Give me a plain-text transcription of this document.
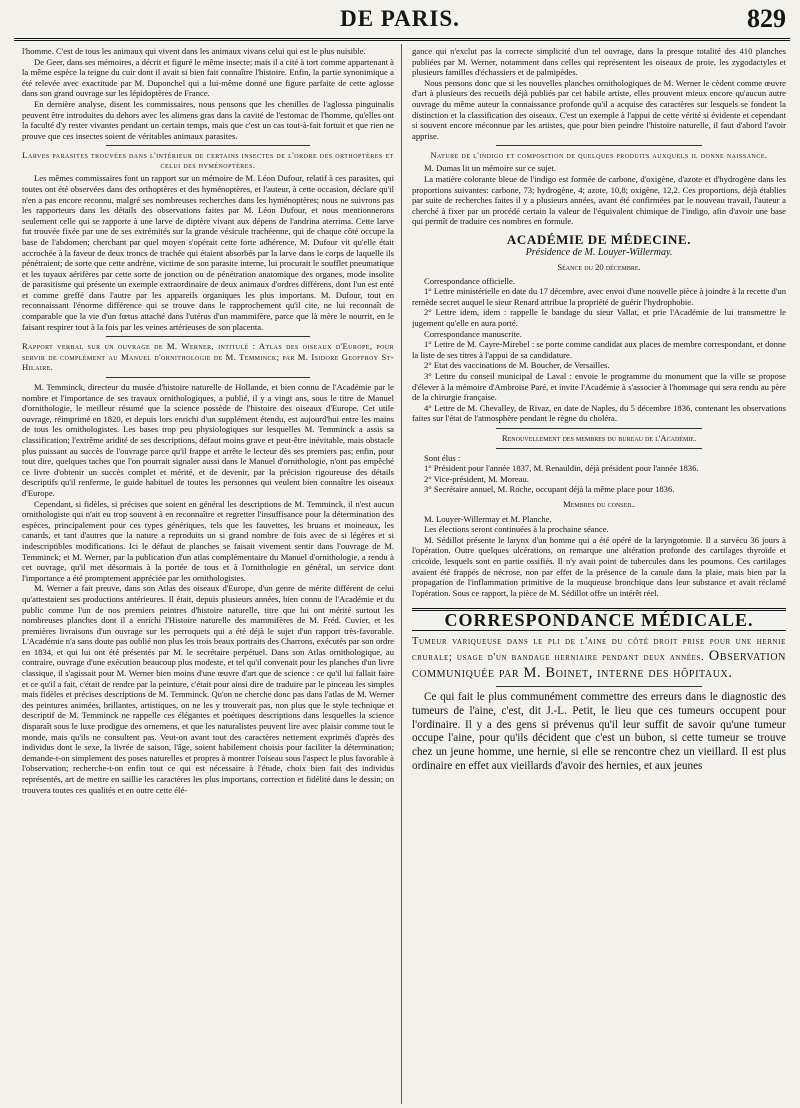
DE PARIS.	829

l'homme. C'est de tous les animaux qui vivent dans les animaux vivans celui qui est le plus nuisible.

De Geer, dans ses mémoires, a décrit et figuré le même insecte; mais il a cité à tort comme appartenant à la même espèce la teigne du cuir dont il avait si bien fait connaître l'histoire. Enfin, la partie synonimique a été relevée avec exactitude par M. Duponchel qui a lui-même donné une figure parfaite de cette aglosse dans son grand ouvrage sur les lépidoptères de France.

En dernière analyse, disent les commissaires, nous pensons que les chenilles de l'aglossa pinguinalis peuvent être introduites du dehors avec les alimens gras dans la cavité de l'estomac de l'homme, qu'elles ont la faculté d'y rester vivantes pendant un certain temps, mais que c'est un cas tout-à-fait fortuit et que rien ne prouve que ces insectes soient de véritables animaux parasites.

Larves parasites trouvées dans l'intérieur de certains insectes de l'ordre des orthoptères et celui des hyménoptères.

Les mêmes commissaires font un rapport sur un mémoire de M. Léon Dufour, relatif à ces parasites, qui toutes ont été observées dans des orthoptères et des hyménoptères, et l'auteur, à cette occasion, déclare qu'il n'en a pas encore reconnu, malgré ses nombreuses recherches dans les hyménoptères; nous ne suivrons pas les rapporteurs dans les détails des observations faites par M. Léon Dufour, et nous mentionnerons seulement celle qui se rapporte à une larve de diptère vivant aux dépens de l'andrina aterrima. Cette larve fut trouvée fixée par une de ses extrémités sur la grande vésicule trachéenne, qui de chaque côté occupe la base de l'abdomen; cherchant par quel moyen s'opérait cette forte adhérence, M. Dufour vit qu'elle était accrochée à la faveur de deux troncs de trachée qui étaient absorbés par la larve dans le corps de laquelle ils pénétraient; de sorte que cette andrène, victime de son parasite interne, lui procurait le soufflet pneumatique et les tuyaux aérifères par cette sorte de jonction ou de pénétration anatomique des organes, mode insolite de parasitisme qui présente un exemple extraordinaire de deux animaux d'ordres différens, dont l'un est enté et comme greffé dans l'autre par les appareils organiques les plus importans. M. Dufour, tout en reconnaissant l'énorme différence qui se trouve dans le rapprochement qu'il cite, ne lui reconnaît de comparable que la vie d'un fœtus attaché dans l'utérus d'un mammifère, parce que là mère le nourrit, en le faisant respirer tout à la fois par les veines artérieuses de son placenta.

Rapport verbal sur un ouvrage de M. Werner, intitulé : Atlas des oiseaux d'Europe, pour servir de complément au Manuel d'ornithologie de M. Temminck; par M. Isidore Geoffroy St-Hilaire.

M. Temminck, directeur du musée d'histoire naturelle de Hollande, et bien connu de l'Académie par le nombre et l'importance de ses travaux ornithologiques, a publié, il y a vingt ans, sous le titre de Manuel d'ornithologie, le meilleur résumé que la science possède de l'histoire des oiseaux d'Europe. Cet utile ouvrage, réimprimé en 1820, et depuis lors enrichi d'un supplément étendu, est aujourd'hui entre les mains de tous les ornithologistes. Les bases trop peu physiologiques sur lesquelles M. Temminck a assis sa classification; l'extrême aridité de ses descriptions, défaut moins grave et peut-être inévitable, mais obstacle plus puissant au succès de l'ouvrage parce qu'il frappe et arrête le lecteur dès ses premiers pas; enfin, pour tout dire, quelques taches que l'on pourrait signaler aussi dans le Manuel d'ornithologie, n'ont pas empêché ce livre d'obtenir un succès complet et mérité, et de devenir, par la précision rigoureuse des détails descriptifs qu'il renferme, le guide habituel de toutes les personnes qui veulent bien connaître les oiseaux d'Europe.

Cependant, si fidèles, si précises que soient en général les descriptions de M. Temminck, il n'est aucun ornithologiste qui n'ait eu trop souvent à en reconnaître et regretter l'insuffisance pour la détermination des espèces, principalement pour ces types génériques, tels que les fauvettes, les bruans et moineaux, les canards, et tant d'autres que la nature a reproduits un si grand nombre de fois avec de si légères et si indescriptibles modifications. Ici le défaut de planches se faisait vivement sentir dans l'ouvrage de M. Temminck; et M. Werner, par la publication d'un atlas complémentaire du Manuel d'ornithologie, a rendu à cet ouvrage, qu'il met désormais à la portée de tous et à l'ornithologie en général, un service dont l'importance a été promptement appréciée par les ornithologistes.

M. Werner a fait preuve, dans son Atlas des oiseaux d'Europe, d'un genre de mérite différent de celui qu'attestaient ses productions antérieures. Il était, depuis plusieurs années, bien connu de l'Académie et du public comme l'un de nos premiers peintres d'histoire naturelle, titre que lui ont mérité surtout les nombreuses planches dont il a enrichi l'Histoire naturelle des mammifères de M. Fréd. Cuvier, et les premières livraisons d'un ouvrage sur les perroquets qui a été déjà le sujet d'un rapport très-favorable. L'Académie n'a sans doute pas oublié non plus les trois beaux portraits des Charrons, exécutés par son ordre en 1834, et qui lui ont été présentés par M. le secrétaire perpétuel. Dans son Atlas ornithologique, au contraire, ouvrage d'une exécution beaucoup plus modeste, et tel qu'il convenait pour les planches d'un livre classique, il s'agissait pour M. Werner bien moins d'une œuvre d'art que de science : ce qu'il lui fallait faire et ce qu'il a fait, c'était de rendre par la peinture, c'était pour ainsi dire de traduire par le pinceau les simples mais fidèles et précises descriptions de M. Temminck. Qu'on ne cherche donc pas dans l'atlas de M. Werner des peintures animées, brillantes, artistiques, on ne les y trouverait pas, non plus que le style technique et descriptif de M. Temminck ne rappelle ces élégantes et poétiques descriptions dans lesquelles la science disparaît sous le luxe prodigue des ornemens, et que les naturalistes peuvent lire avec plaisir comme tout le monde, mais qu'ils ne consultent pas. Veut-on avant tout des caractères nettement exprimés d'après des individus dont le sexe, la livrée de saison, l'âge, soient habilement choisis pour faciliter la détermination; demande-t-on simplement des poses naturelles et propres à montrer l'oiseau sous l'aspect le plus favorable à l'observation; recherche-t-on enfin tout ce qui est nécessaire à l'étude, choix bien fait des individus représentés, art de mettre en saillie les caractères les plus importans, correction et fidélité dans le dessin; on trouvera toutes ces qualités et en outre cette élé-

gance qui n'exclut pas la correcte simplicité d'un tel ouvrage, dans la presque totalité des 410 planches publiées par M. Werner, notamment dans celles qui représentent les oiseaux de proie, les zygodactyles et plusieurs familles d'échassiers et de palmipèdes.

Nous pensons donc que si les nouvelles planches ornithologiques de M. Werner le cèdent comme œuvre d'art à plusieurs des recueils déjà publiés par cet habile artiste, elles prouvent mieux encore qu'aucun autre ouvrage du même auteur la connaissance profonde qu'il a acquise des caractères sur lesquels se fondent la distinction et la classification des oiseaux. C'est un exemple à l'appui de cette vérité si évidente et cependant si souvent encore méconnue par les artistes, que pour bien peindre l'histoire naturelle, il faut d'abord l'avoir apprise.

Nature de l'indigo et composition de quelques produits auxquels il donne naissance.

M. Dumas lit un mémoire sur ce sujet.

La matière colorante bleue de l'indigo est formée de carbone, d'oxigène, d'azote et d'hydrogène dans les proportions suivantes: carbone, 73; hydrogène, 4; azote, 10,8; oxigène, 12,2. Ces proportions, déjà établies par suite de recherches faites il y a plusieurs années, avant été confirmées par le nouveau travail, l'auteur a cherché à fixer par un procédé certain la valeur de l'équivalent chimique de l'indigo, afin d'avoir une base qui permît de traduire ces nombres en formule.

ACADÉMIE DE MÉDECINE.
Présidence de M. Louyer-Willermay.
Séance du 20 décembre.

Correspondance officielle.

1° Lettre ministérielle en date du 17 décembre, avec envoi d'une nouvelle pièce à joindre à la recette d'un remède secret auquel le sieur Renard attribue la propriété de guérir l'hydrophobie.

2° Lettre idem, idem : rappelle le bandage du sieur Vallat, et prie l'Académie de lui transmettre le jugement qu'elle en aura porté.

Correspondance manuscrite.

1° Lettre de M. Cayre-Mirebel : se porte comme candidat aux places de membre correspondant, et donne la liste de ses titres à l'appui de sa candidature.

2° Etat des vaccinations de M. Boucher, de Versailles.

3° Lettre du conseil municipal de Laval : envoie le programme du monument que la ville se propose d'élever à la mémoire d'Ambroise Paré, et invite l'Académie à s'associer à l'hommage qui sera rendu au père de la chirurgie française.

4° Lettre de M. Chevalley, de Rivaz, en date de Naples, du 5 décembre 1836, contenant les observations faites sur l'état de l'atmosphère pendant le règne du choléra.

Renouvellement des membres du bureau de l'Académie.

Sont élus :

1° Président pour l'année 1837, M. Renauldin, déjà président pour l'année 1836.

2° Vice-président, M. Moreau.

3° Secrétaire annuel, M. Roche, occupant déjà la même place pour 1836.

Membres du conseil.

M. Louyer-Willermay et M. Planche.

Les élections seront continuées à la prochaine séance.

M. Sédillot présente le larynx d'un homme qui a été opéré de la laryngotomie. Il a survécu 36 jours à l'opération. Outre quelques ulcérations, on remarque une altération profonde des cartilages thyroïde et cricoïde, lesquels sont en partie ossifiés. Il n'y avait point de tubercules dans les poumons. Ces cartilages avaient été frappés de nécrose, non par effet de la présence de la canule dans la plaie, mais bien par la propagation de l'inflammation primitive de la muqueuse bronchique dans leur substance et avait réclamé l'opération. Sous ce rapport, la pièce de M. Sédillot offre un intérêt réel.

CORRESPONDANCE MÉDICALE.
Tumeur variqueuse dans le pli de l'aine du côté droit prise pour une hernie crurale; usage d'un bandage herniaire pendant deux années. Observation communiquée par M. Boinet, interne des hôpitaux.

Ce qui fait le plus communément commettre des erreurs dans le diagnostic des tumeurs de l'aine, c'est, dit J.-L. Petit, le lieu que ces tumeurs occupent pour l'ordinaire. Il y a des gens si prévenus qu'il leur suffit de savoir qu'une tumeur occupe l'aine, pour qu'ils décident que c'est un bubon, si cette tumeur se trouve chez un jeune homme, une hernie, si elle se rencontre chez un vieillard. Il est plus ordinaire en effet aux vieillards d'avoir des hernies, et aux jeunes
